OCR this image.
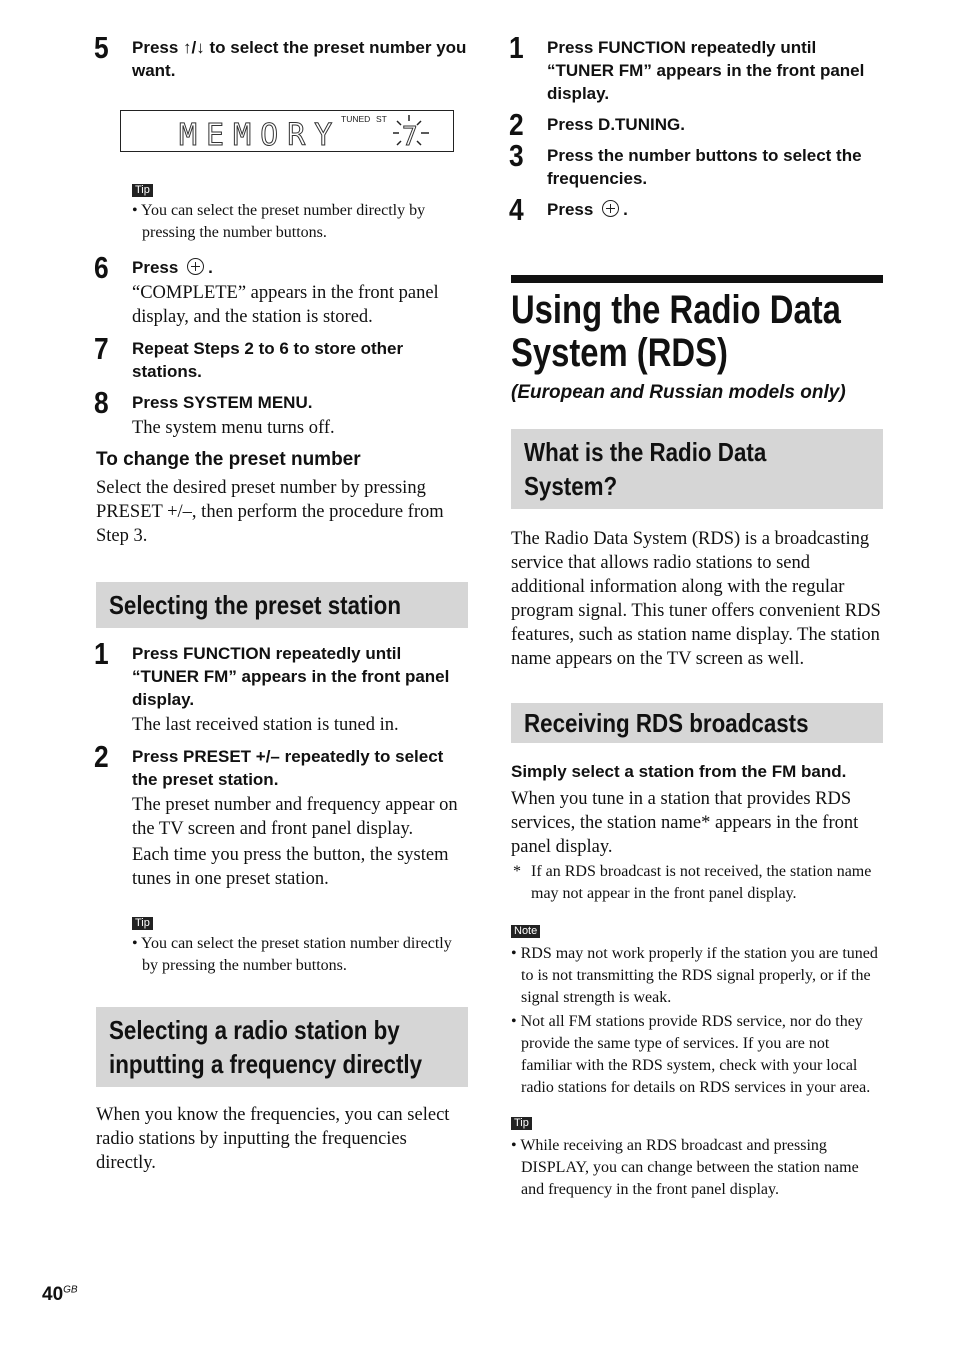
5 Press ↑/↓ to select the preset number you want.
MEMORY TUNED ST
7
Tip
• You can select the preset number directly by pressing the number buttons.
6 Press .
“COMPLETE” appears in the front panel display, and the station is stored.
7 Repeat Steps 2 to 6 to store other stations.
8 Press SYSTEM MENU.
The system menu turns off.
To change the preset number
Select the desired preset number by pressing PRESET +/–, then perform the procedure from Step 3.
Selecting the preset station
1 Press FUNCTION repeatedly until “TUNER FM” appears in the front panel display.
The last received station is tuned in.
2 Press PRESET +/– repeatedly to select the preset station.
The preset number and frequency appear on the TV screen and front panel display.
Each time you press the button, the system tunes in one preset station.
Tip
• You can select the preset station number directly by pressing the number buttons.
Selecting a radio station by
inputting a frequency directly
When you know the frequencies, you can select radio stations by inputting the frequencies directly.
1 Press FUNCTION repeatedly until “TUNER FM” appears in the front panel display.
2 Press D.TUNING.
3 Press the number buttons to select the frequencies.
4 Press .
Using the Radio Data
System (RDS)
(European and Russian models only)
What is the Radio Data
System?
The Radio Data System (RDS) is a broadcasting service that allows radio stations to send additional information along with the regular program signal. This tuner offers convenient RDS features, such as station name display. The station name appears on the TV screen as well.
Receiving RDS broadcasts
Simply select a station from the FM band.
When you tune in a station that provides RDS services, the station name* appears in the front panel display.
* If an RDS broadcast is not received, the station name may not appear in the front panel display.
Note
• RDS may not work properly if the station you are tuned to is not transmitting the RDS signal properly, or if the signal strength is weak.
• Not all FM stations provide RDS service, nor do they provide the same type of services. If you are not familiar with the RDS system, check with your local radio stations for details on RDS services in your area.
Tip
• While receiving an RDS broadcast and pressing DISPLAY, you can change between the station name and frequency in the front panel display.
$40^{GB}$
